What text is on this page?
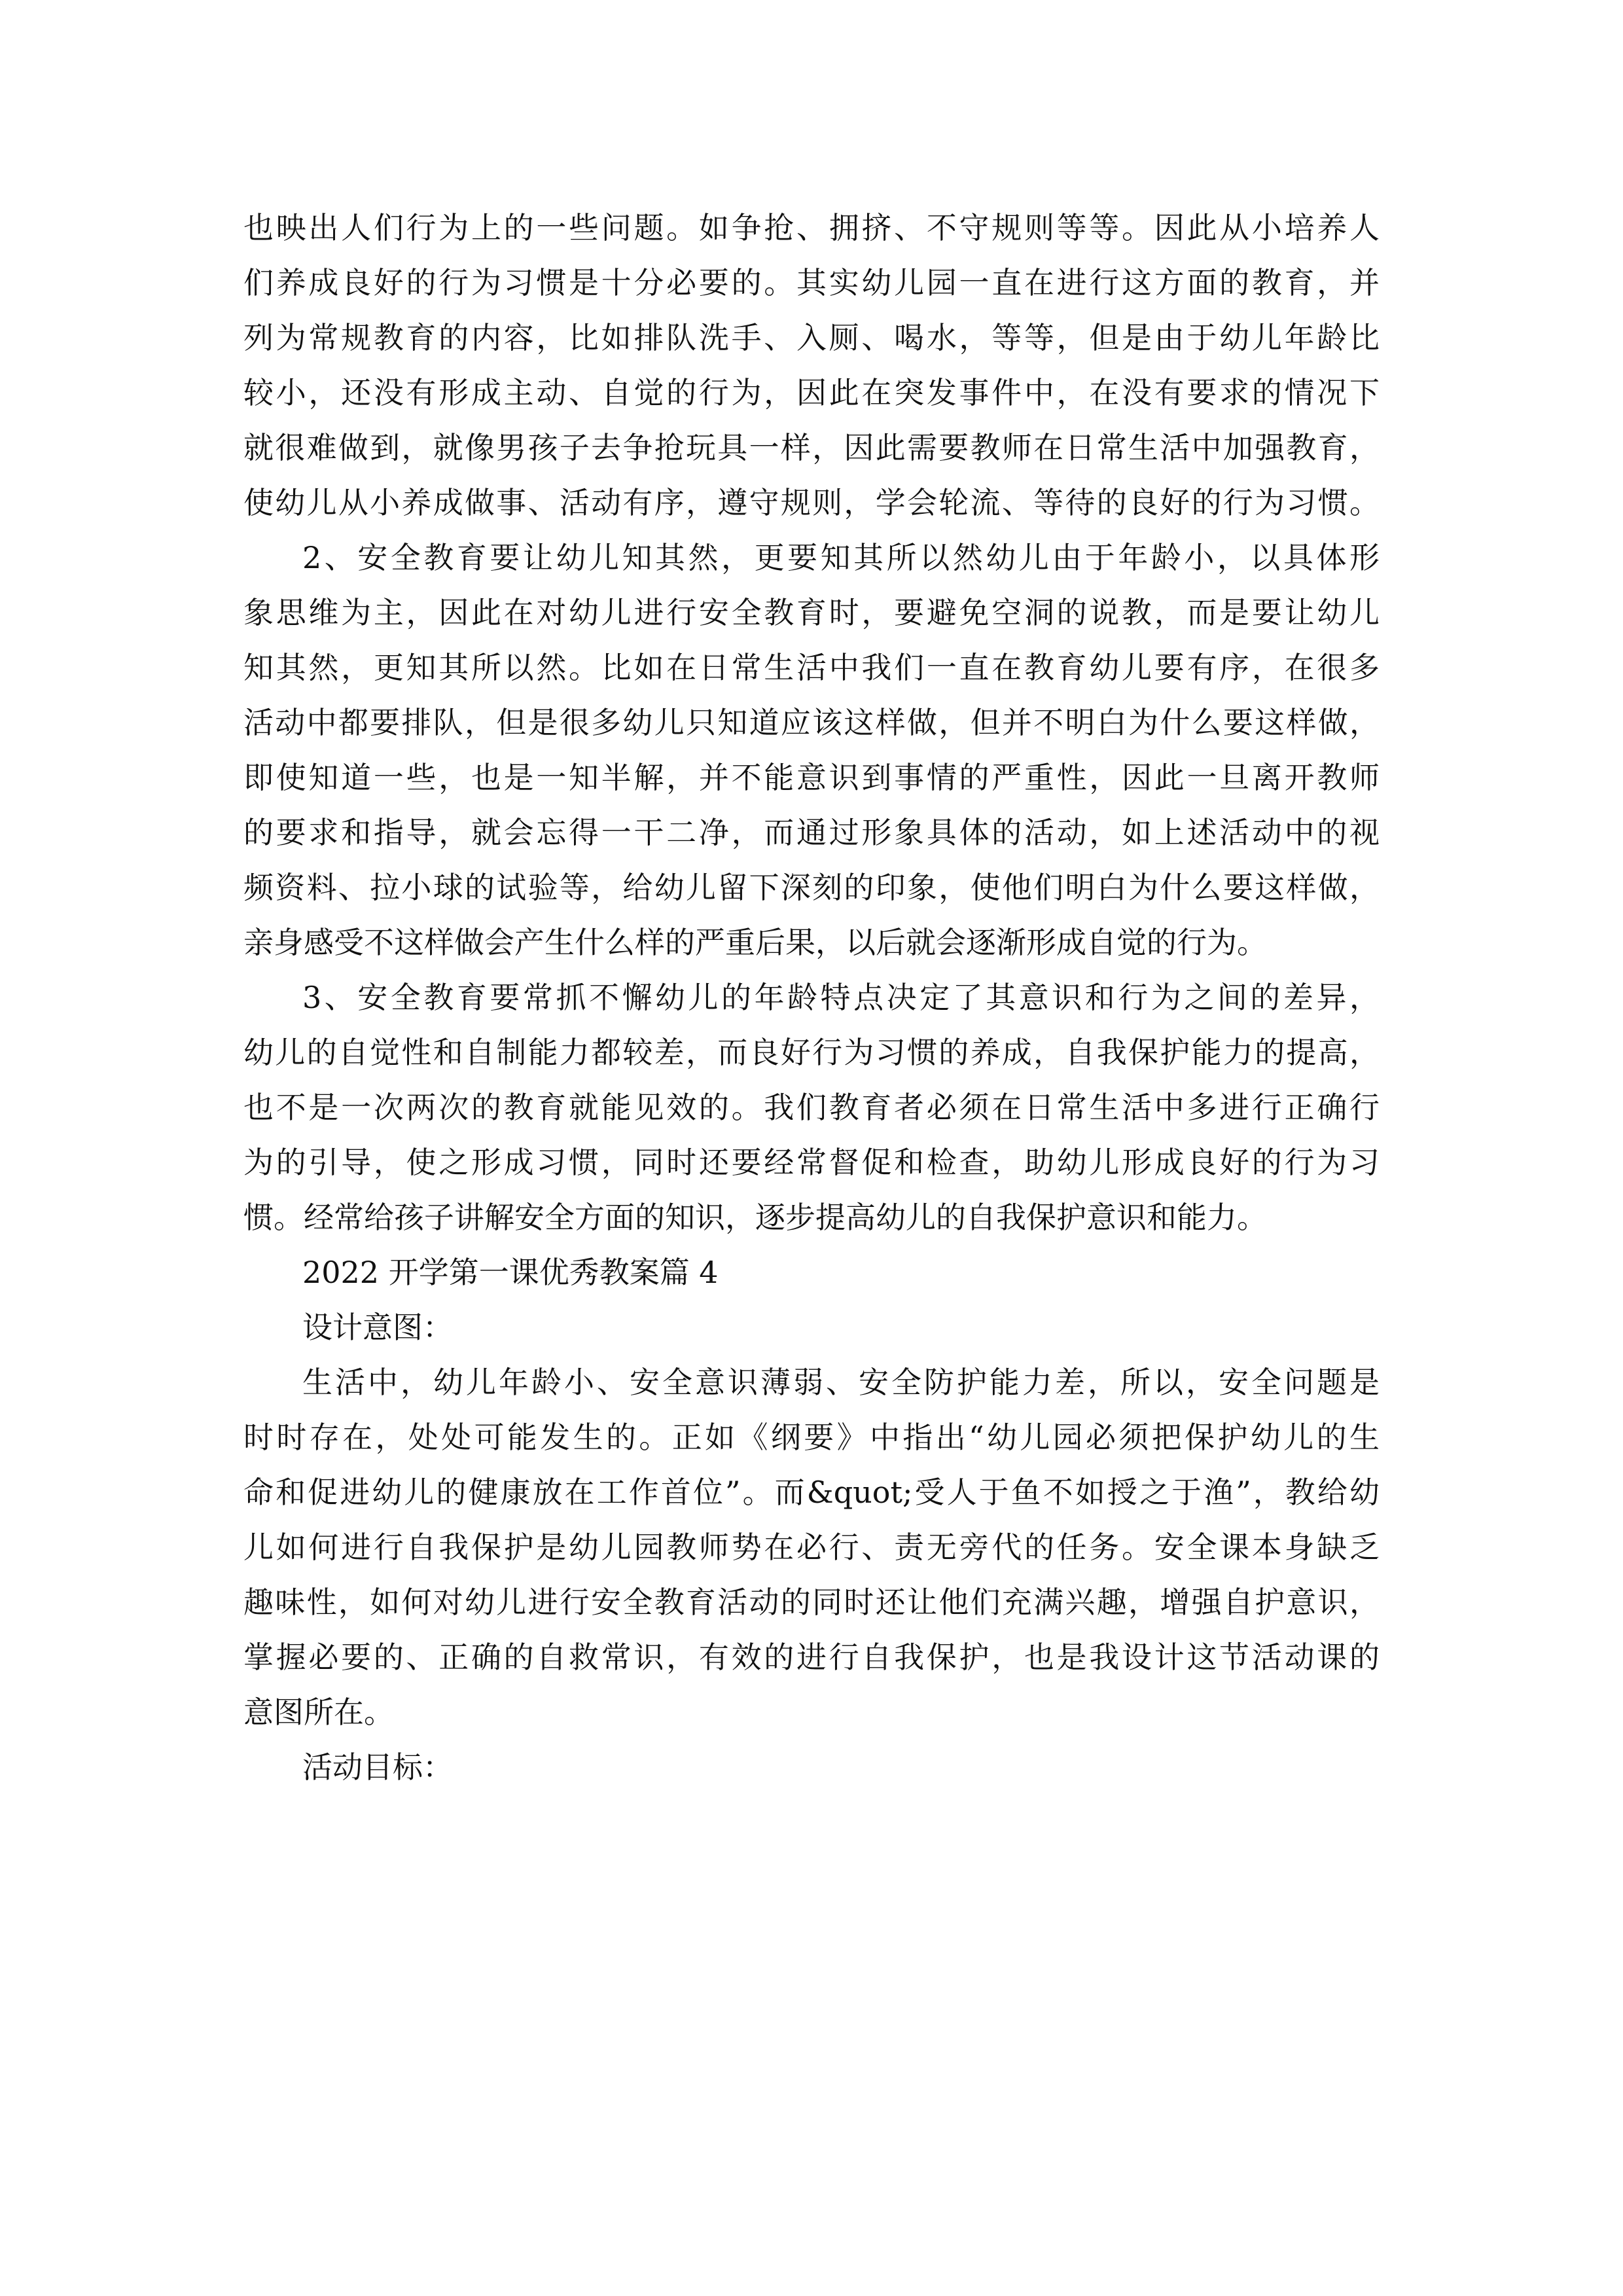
也映出人们行为上的一些问题。如争抢、拥挤、不守规则等等。因此从小培养人
们养成良好的行为习惯是十分必要的。其实幼儿园一直在进行这方面的教育，并
列为常规教育的内容，比如排队洗手、入厕、喝水，等等，但是由于幼儿年龄比
较小，还没有形成主动、自觉的行为，因此在突发事件中，在没有要求的情况下
就很难做到，就像男孩子去争抢玩具一样，因此需要教师在日常生活中加强教育，
使幼儿从小养成做事、活动有序，遵守规则，学会轮流、等待的良好的行为习惯。
2、安全教育要让幼儿知其然，更要知其所以然幼儿由于年龄小，以具体形
象思维为主，因此在对幼儿进行安全教育时，要避免空洞的说教，而是要让幼儿
知其然，更知其所以然。比如在日常生活中我们一直在教育幼儿要有序，在很多
活动中都要排队，但是很多幼儿只知道应该这样做，但并不明白为什么要这样做，
即使知道一些，也是一知半解，并不能意识到事情的严重性，因此一旦离开教师
的要求和指导，就会忘得一干二净，而通过形象具体的活动，如上述活动中的视
频资料、拉小球的试验等，给幼儿留下深刻的印象，使他们明白为什么要这样做，
亲身感受不这样做会产生什么样的严重后果，以后就会逐渐形成自觉的行为。
3、安全教育要常抓不懈幼儿的年龄特点决定了其意识和行为之间的差异，
幼儿的自觉性和自制能力都较差，而良好行为习惯的养成，自我保护能力的提高，
也不是一次两次的教育就能见效的。我们教育者必须在日常生活中多进行正确行
为的引导，使之形成习惯，同时还要经常督促和检查，助幼儿形成良好的行为习
惯。经常给孩子讲解安全方面的知识，逐步提高幼儿的自我保护意识和能力。
2022 开学第一课优秀教案篇 4
设计意图：
生活中，幼儿年龄小、安全意识薄弱、安全防护能力差，所以，安全问题是
时时存在，处处可能发生的。正如《纲要》中指出“幼儿园必须把保护幼儿的生
命和促进幼儿的健康放在工作首位”。而&quot;受人于鱼不如授之于渔”，教给幼
儿如何进行自我保护是幼儿园教师势在必行、责无旁代的任务。安全课本身缺乏
趣味性，如何对幼儿进行安全教育活动的同时还让他们充满兴趣，增强自护意识，
掌握必要的、正确的自救常识，有效的进行自我保护，也是我设计这节活动课的
意图所在。
活动目标：
